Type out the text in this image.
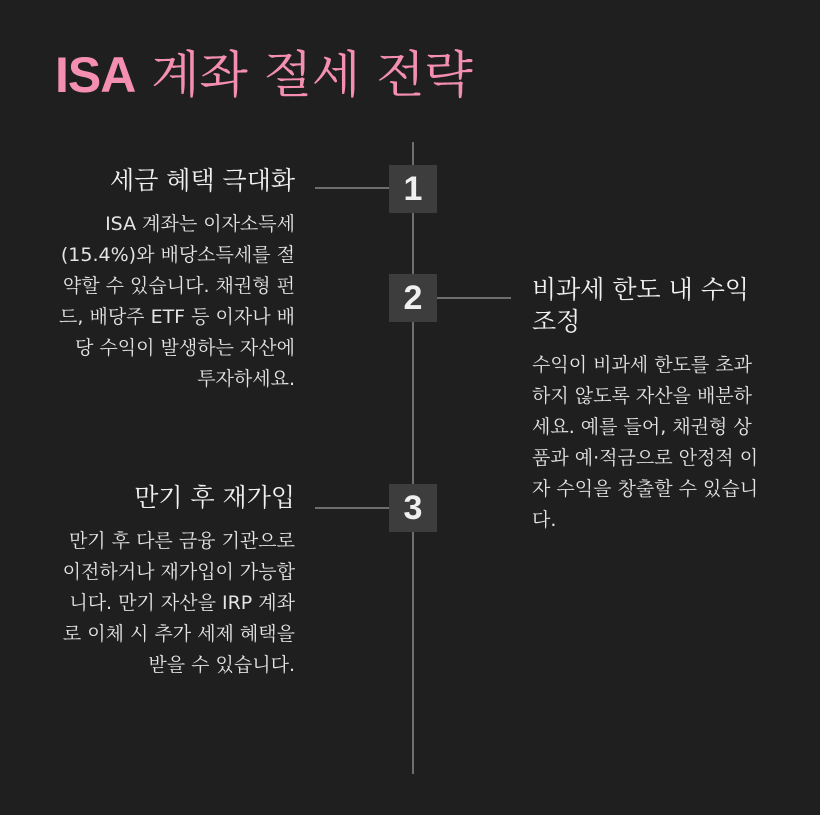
ISA 계좌 절세 전략
1
세금 혜택 극대화

ISA 계좌는 이자소득세 (15.4%)와 배당소득세를 절약할 수 있습니다. 채권형 펀드, 배당주 ETF 등 이자나 배당 수익이 발생하는 자산에 투자하세요.

2	비과세 한도 내 수익 조정

수익이 비과세 한도를 초과하지 않도록 자산을 배분하세요. 예를 들어, 채권형 상품과 예·적금으로 안정적 이자 수익을 창출할 수 있습니다.

3
만기 후 재가입

만기 후 다른 금융 기관으로 이전하거나 재가입이 가능합니다. 만기 자산을 IRP 계좌로 이체 시 추가 세제 혜택을 받을 수 있습니다.
